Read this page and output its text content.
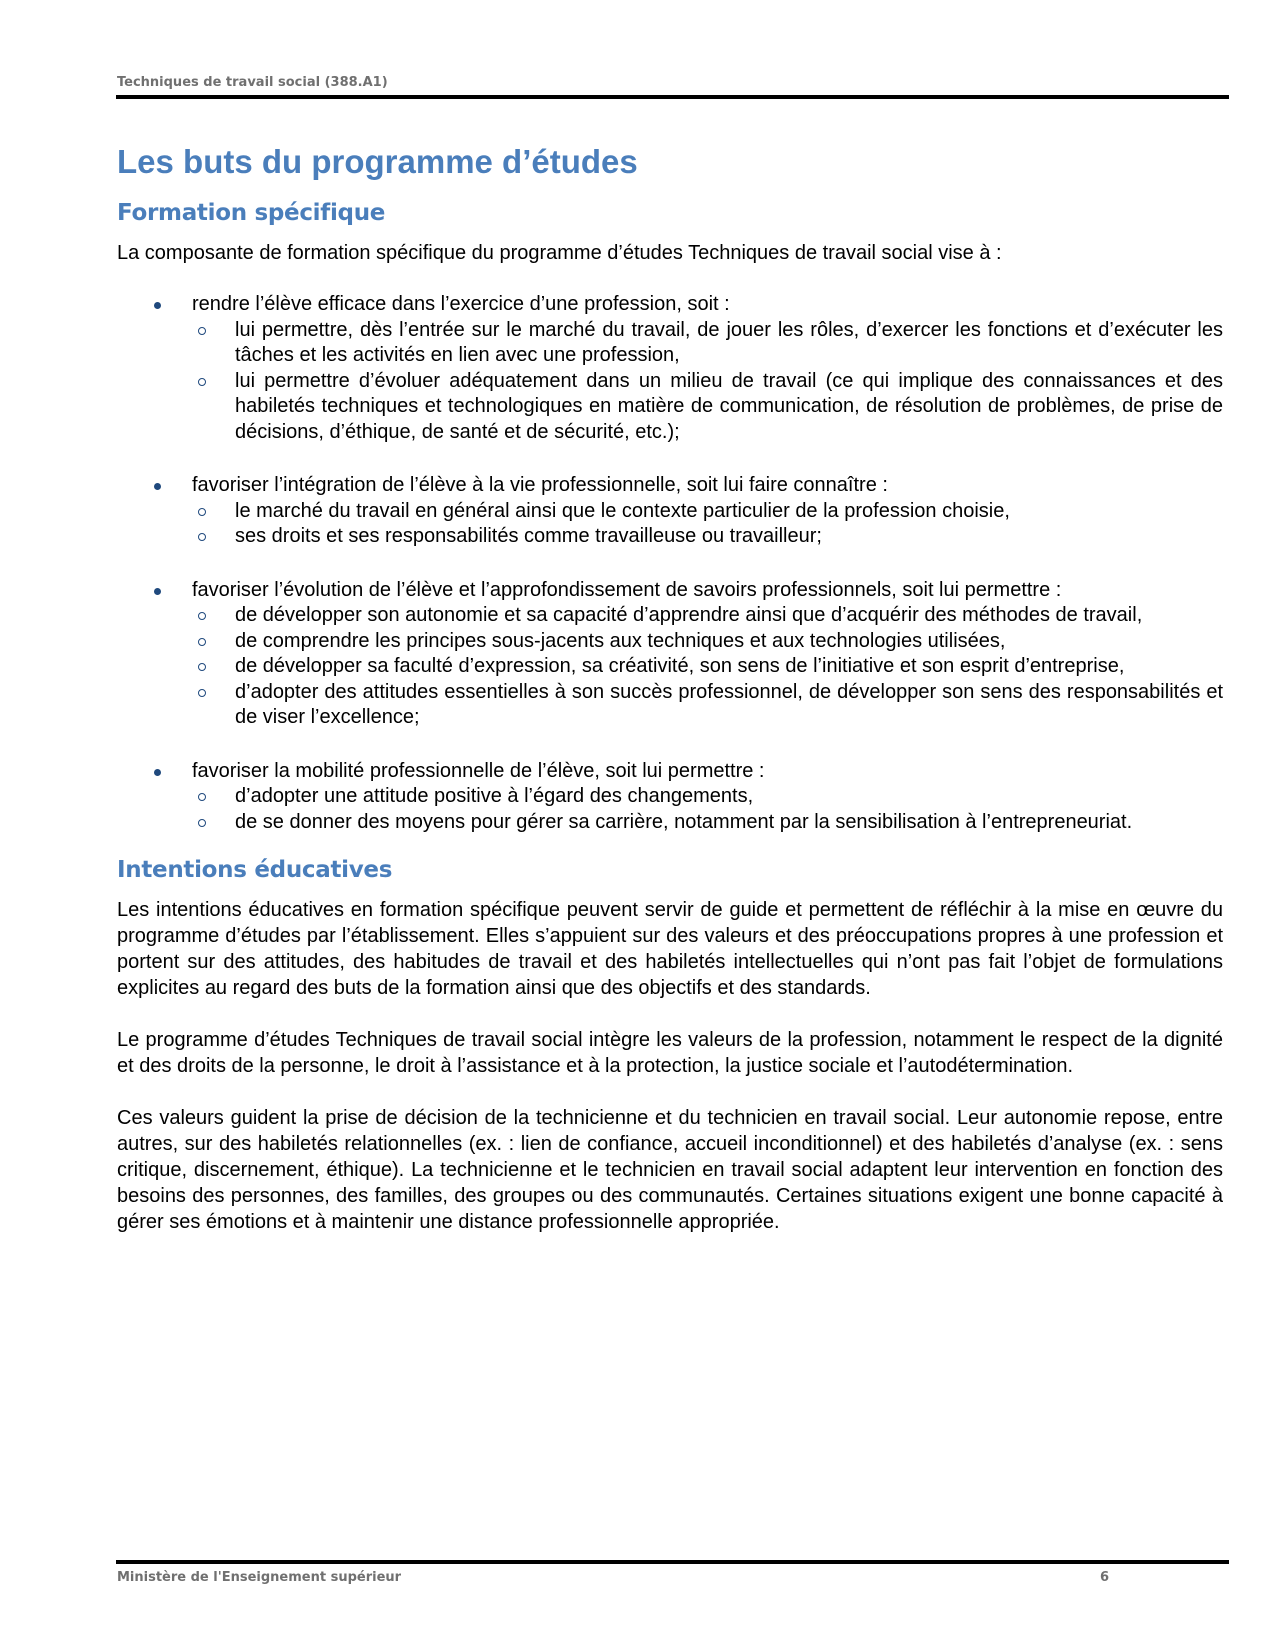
Techniques de travail social (388.A1)
Les buts du programme d’études
Formation spécifique

La composante de formation spécifique du programme d’études Techniques de travail social vise à :

rendre l’élève efficace dans l’exercice d’une profession, soit :
lui permettre, dès l’entrée sur le marché du travail, de jouer les rôles, d’exercer les fonctions et d’exécuter les tâches et les activités en lien avec une profession,
lui permettre d’évoluer adéquatement dans un milieu de travail (ce qui implique des connaissances et des habiletés techniques et technologiques en matière de communication, de résolution de problèmes, de prise de décisions, d’éthique, de santé et de sécurité, etc.);
favoriser l’intégration de l’élève à la vie professionnelle, soit lui faire connaître :
le marché du travail en général ainsi que le contexte particulier de la profession choisie,
ses droits et ses responsabilités comme travailleuse ou travailleur;
favoriser l’évolution de l’élève et l’approfondissement de savoirs professionnels, soit lui permettre :
de développer son autonomie et sa capacité d’apprendre ainsi que d’acquérir des méthodes de travail,
de comprendre les principes sous-jacents aux techniques et aux technologies utilisées,
de développer sa faculté d’expression, sa créativité, son sens de l’initiative et son esprit d’entreprise,
d’adopter des attitudes essentielles à son succès professionnel, de développer son sens des responsabilités et de viser l’excellence;
favoriser la mobilité professionnelle de l’élève, soit lui permettre :
d’adopter une attitude positive à l’égard des changements,
de se donner des moyens pour gérer sa carrière, notamment par la sensibilisation à l’entrepreneuriat.
Intentions éducatives

Les intentions éducatives en formation spécifique peuvent servir de guide et permettent de réfléchir à la mise en œuvre du programme d’études par l’établissement. Elles s’appuient sur des valeurs et des préoccupations propres à une profession et portent sur des attitudes, des habitudes de travail et des habiletés intellectuelles qui n’ont pas fait l’objet de formulations explicites au regard des buts de la formation ainsi que des objectifs et des standards.

Le programme d’études Techniques de travail social intègre les valeurs de la profession, notamment le respect de la dignité et des droits de la personne, le droit à l’assistance et à la protection, la justice sociale et l’autodétermination.

Ces valeurs guident la prise de décision de la technicienne et du technicien en travail social. Leur autonomie repose, entre autres, sur des habiletés relationnelles (ex. : lien de confiance, accueil inconditionnel) et des habiletés d’analyse (ex. : sens critique, discernement, éthique). La technicienne et le technicien en travail social adaptent leur intervention en fonction des besoins des personnes, des familles, des groupes ou des communautés. Certaines situations exigent une bonne capacité à gérer ses émotions et à maintenir une distance professionnelle appropriée.

Ministère de l'Enseignement supérieur	6
